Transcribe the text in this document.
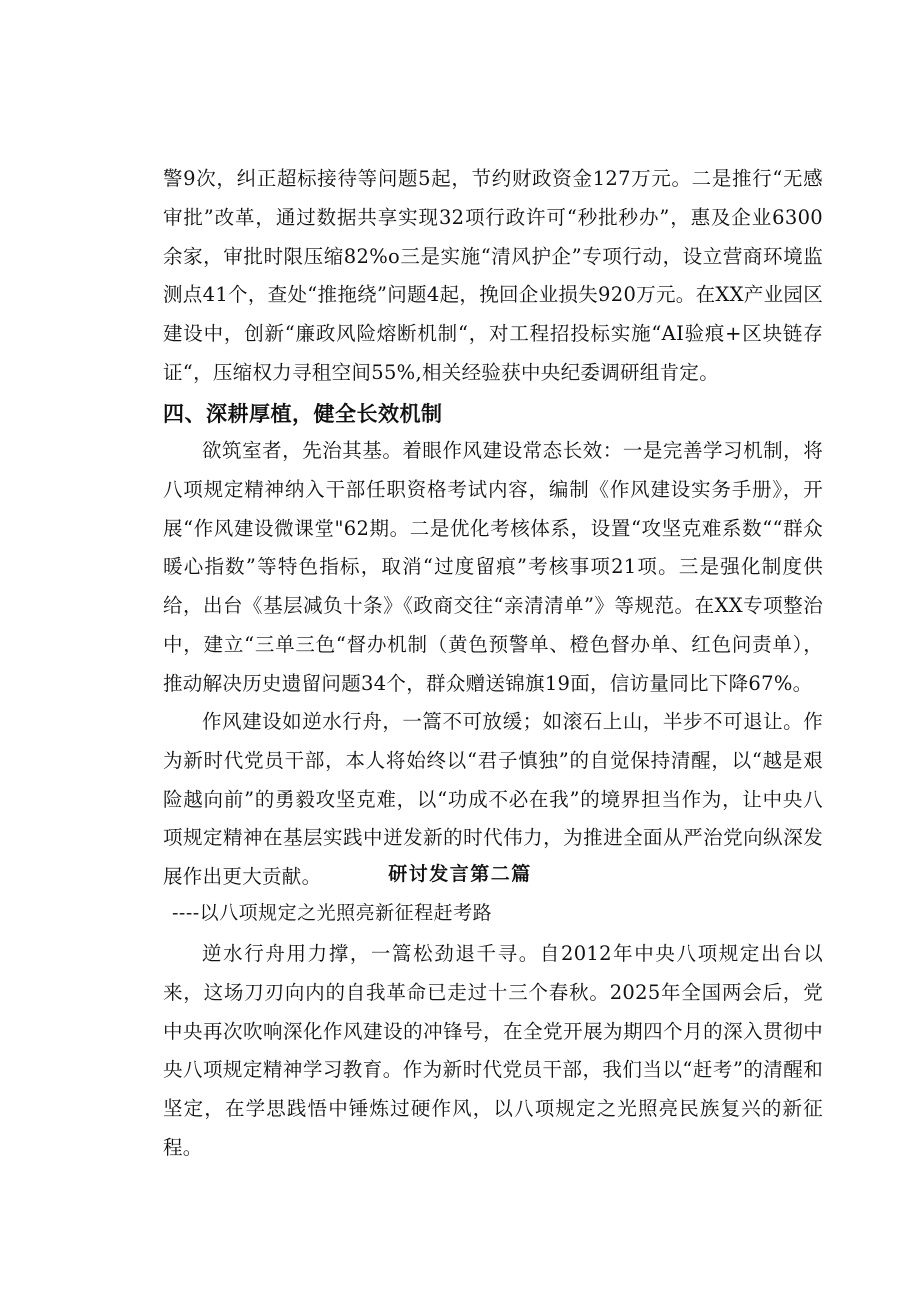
警9次，纠正超标接待等问题5起，节约财政资金127万元。二是推行“无感审批”改革，通过数据共享实现32项行政许可“秒批秒办”，惠及企业6300余家，审批时限压缩82%o三是实施“清风护企”专项行动，设立营商环境监测点41个，查处“推拖绕”问题4起，挽回企业损失920万元。在XX产业园区建设中，创新“廉政风险熔断机制“，对工程招投标实施“AI验痕+区块链存证“，压缩权力寻租空间55%,相关经验获中央纪委调研组肯定。

四、深耕厚植，健全长效机制

欲筑室者，先治其基。着眼作风建设常态长效：一是完善学习机制，将八项规定精神纳入干部任职资格考试内容，编制《作风建设实务手册》，开展“作风建设微课堂"62期。二是优化考核体系，设置“攻坚克难系数““群众暖心指数”等特色指标，取消“过度留痕”考核事项21项。三是强化制度供给，出台《基层减负十条》《政商交往“亲清清单”》等规范。在XX专项整治中，建立“三单三色“督办机制（黄色预警单、橙色督办单、红色问责单），推动解决历史遗留问题34个，群众赠送锦旗19面，信访量同比下降67%。

作风建设如逆水行舟，一篙不可放缓；如滚石上山，半步不可退让。作为新时代党员干部，本人将始终以“君子慎独”的自觉保持清醒，以“越是艰险越向前”的勇毅攻坚克难，以“功成不必在我”的境界担当作为，让中央八项规定精神在基层实践中迸发新的时代伟力，为推进全面从严治党向纵深发展作出更大贡献。	研讨发言第二篇
----以八项规定之光照亮新征程赶考路

逆水行舟用力撑，一篙松劲退千寻。自2012年中央八项规定出台以来，这场刀刃向内的自我革命已走过十三个春秋。2025年全国两会后，党中央再次吹响深化作风建设的冲锋号，在全党开展为期四个月的深入贯彻中央八项规定精神学习教育。作为新时代党员干部，我们当以“赶考”的清醒和坚定，在学思践悟中锤炼过硬作风，以八项规定之光照亮民族复兴的新征程。
